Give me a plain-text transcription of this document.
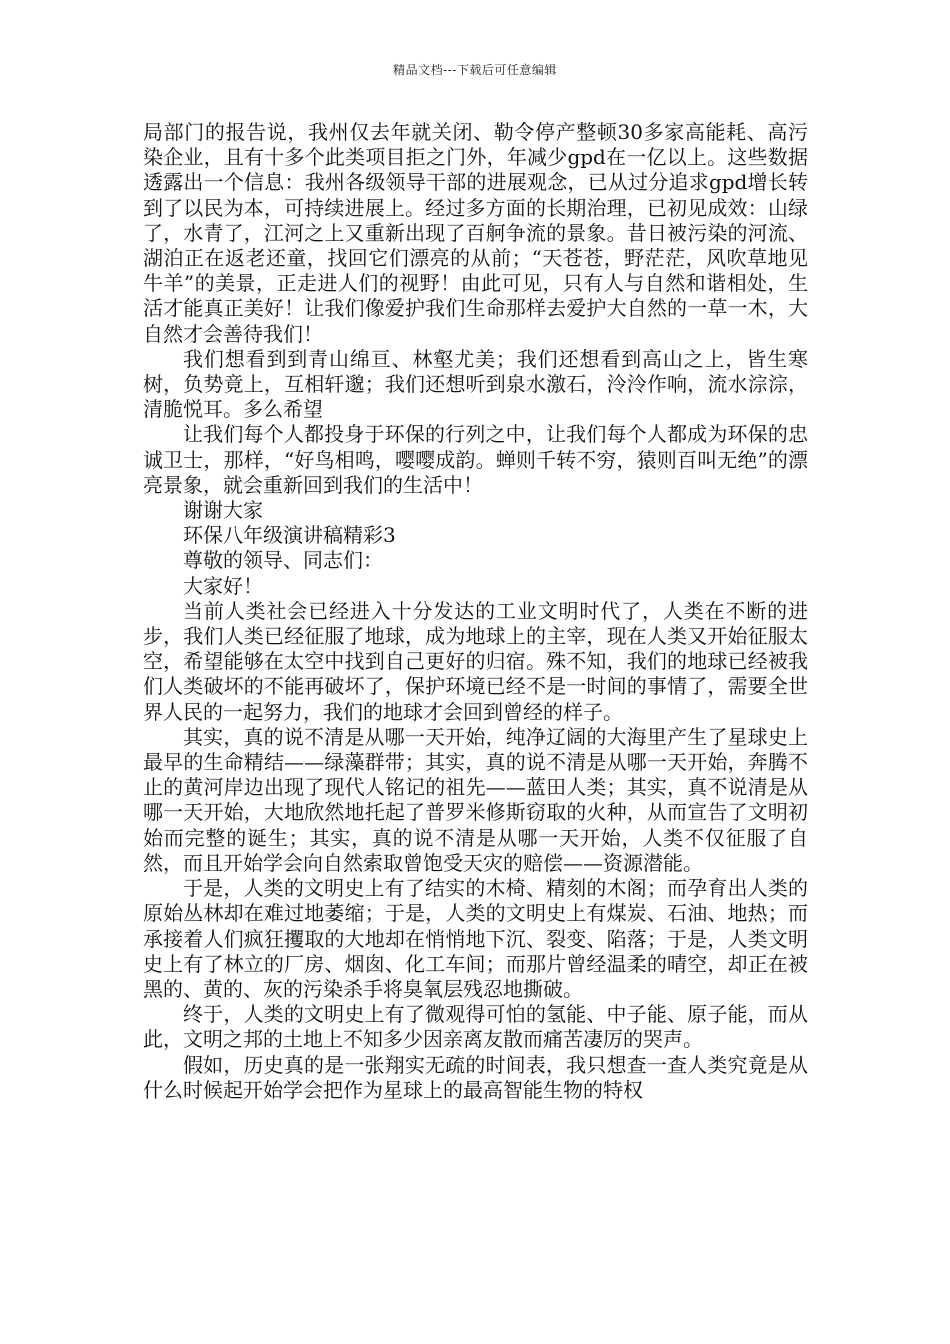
精品文档---下载后可任意编辑

局部门的报告说，我州仅去年就关闭、勒令停产整顿30多家高能耗、高污染企业，且有十多个此类项目拒之门外，年减少gpd在一亿以上。这些数据透露出一个信息：我州各级领导干部的进展观念，已从过分追求gpd增长转到了以民为本，可持续进展上。经过多方面的长期治理，已初见成效：山绿了，水青了，江河之上又重新出现了百舸争流的景象。昔日被污染的河流、湖泊正在返老还童，找回它们漂亮的从前；“天苍苍，野茫茫，风吹草地见牛羊”的美景，正走进人们的视野！由此可见，只有人与自然和谐相处，生活才能真正美好！让我们像爱护我们生命那样去爱护大自然的一草一木，大自然才会善待我们！

我们想看到到青山绵亘、林壑尤美；我们还想看到高山之上，皆生寒树，负势竟上，互相轩邈；我们还想听到泉水激石，泠泠作响，流水淙淙，清脆悦耳。多么希望

让我们每个人都投身于环保的行列之中，让我们每个人都成为环保的忠诚卫士，那样，“好鸟相鸣，嘤嘤成韵。蝉则千转不穷，猿则百叫无绝”的漂亮景象，就会重新回到我们的生活中！

谢谢大家

环保八年级演讲稿精彩3

尊敬的领导、同志们：

大家好！

当前人类社会已经进入十分发达的工业文明时代了，人类在不断的进步，我们人类已经征服了地球，成为地球上的主宰，现在人类又开始征服太空，希望能够在太空中找到自己更好的归宿。殊不知，我们的地球已经被我们人类破坏的不能再破坏了，保护环境已经不是一时间的事情了，需要全世界人民的一起努力，我们的地球才会回到曾经的样子。

其实，真的说不清是从哪一天开始，纯净辽阔的大海里产生了星球史上最早的生命精结——绿藻群带；其实，真的说不清是从哪一天开始，奔腾不止的黄河岸边出现了现代人铭记的祖先——蓝田人类；其实，真不说清是从哪一天开始，大地欣然地托起了普罗米修斯窃取的火种，从而宣告了文明初始而完整的诞生；其实，真的说不清是从哪一天开始，人类不仅征服了自然，而且开始学会向自然索取曾饱受天灾的赔偿——资源潜能。

于是，人类的文明史上有了结实的木椅、精刻的木阁；而孕育出人类的原始丛林却在难过地萎缩；于是，人类的文明史上有煤炭、石油、地热；而承接着人们疯狂攫取的大地却在悄悄地下沉、裂变、陷落；于是，人类文明史上有了林立的厂房、烟囱、化工车间；而那片曾经温柔的晴空，却正在被黑的、黄的、灰的污染杀手将臭氧层残忍地撕破。

终于，人类的文明史上有了微观得可怕的氢能、中子能、原子能，而从此，文明之邦的土地上不知多少因亲离友散而痛苦凄厉的哭声。

假如，历史真的是一张翔实无疏的时间表，我只想查一查人类究竟是从什么时候起开始学会把作为星球上的最高智能生物的特权
